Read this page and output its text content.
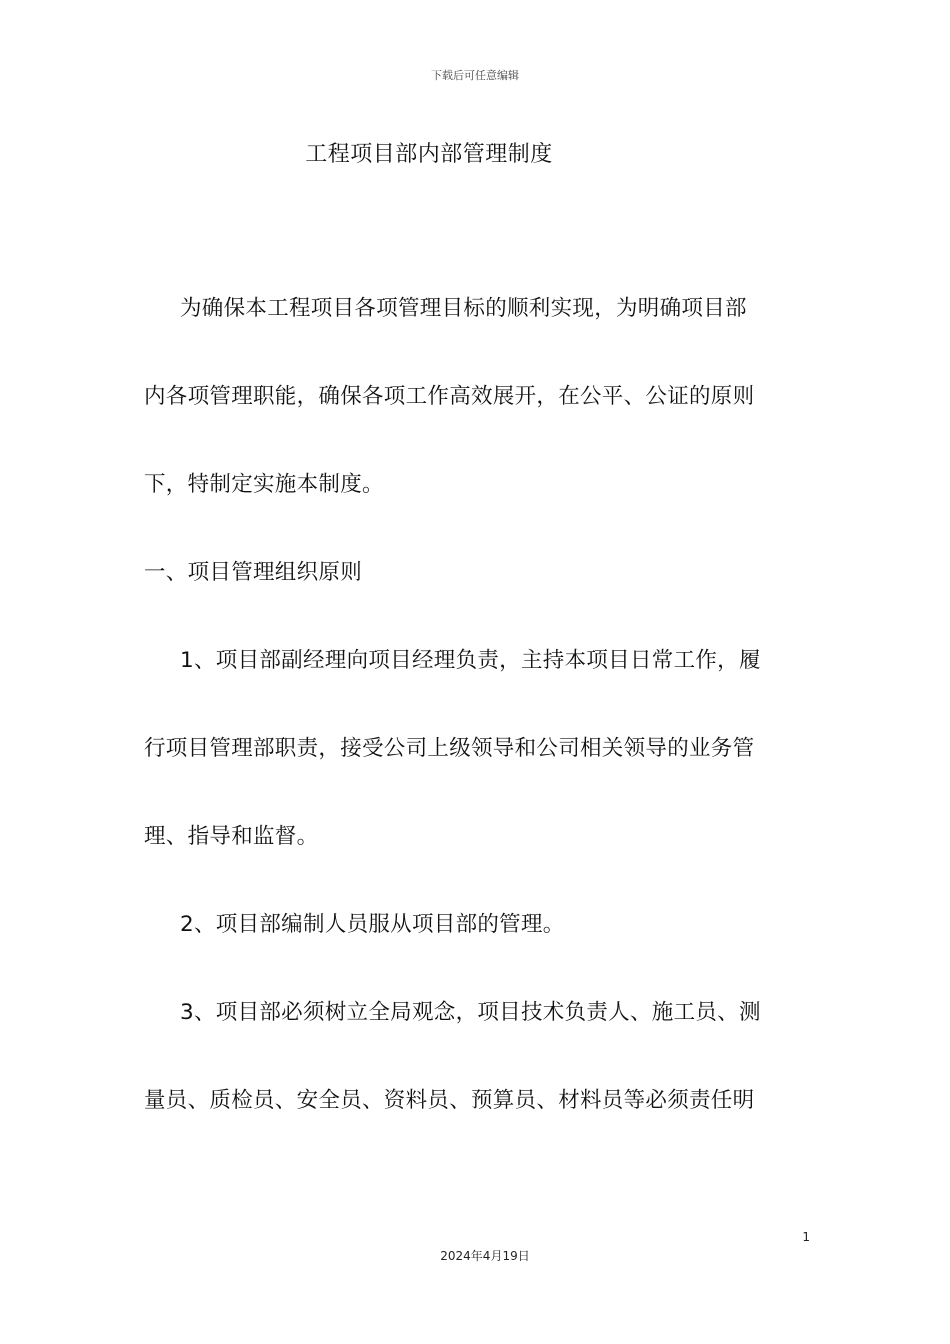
下载后可任意编辑
工程项目部内部管理制度
为确保本工程项目各项管理目标的顺利实现，为明确项目部
内各项管理职能，确保各项工作高效展开，在公平、公证的原则
下，特制定实施本制度。
一、项目管理组织原则
1、项目部副经理向项目经理负责，主持本项目日常工作，履
行项目管理部职责，接受公司上级领导和公司相关领导的业务管
理、指导和监督。
2、项目部编制人员服从项目部的管理。
3、项目部必须树立全局观念，项目技术负责人、施工员、测
量员、质检员、安全员、资料员、预算员、材料员等必须责任明
1
2024年4月19日
